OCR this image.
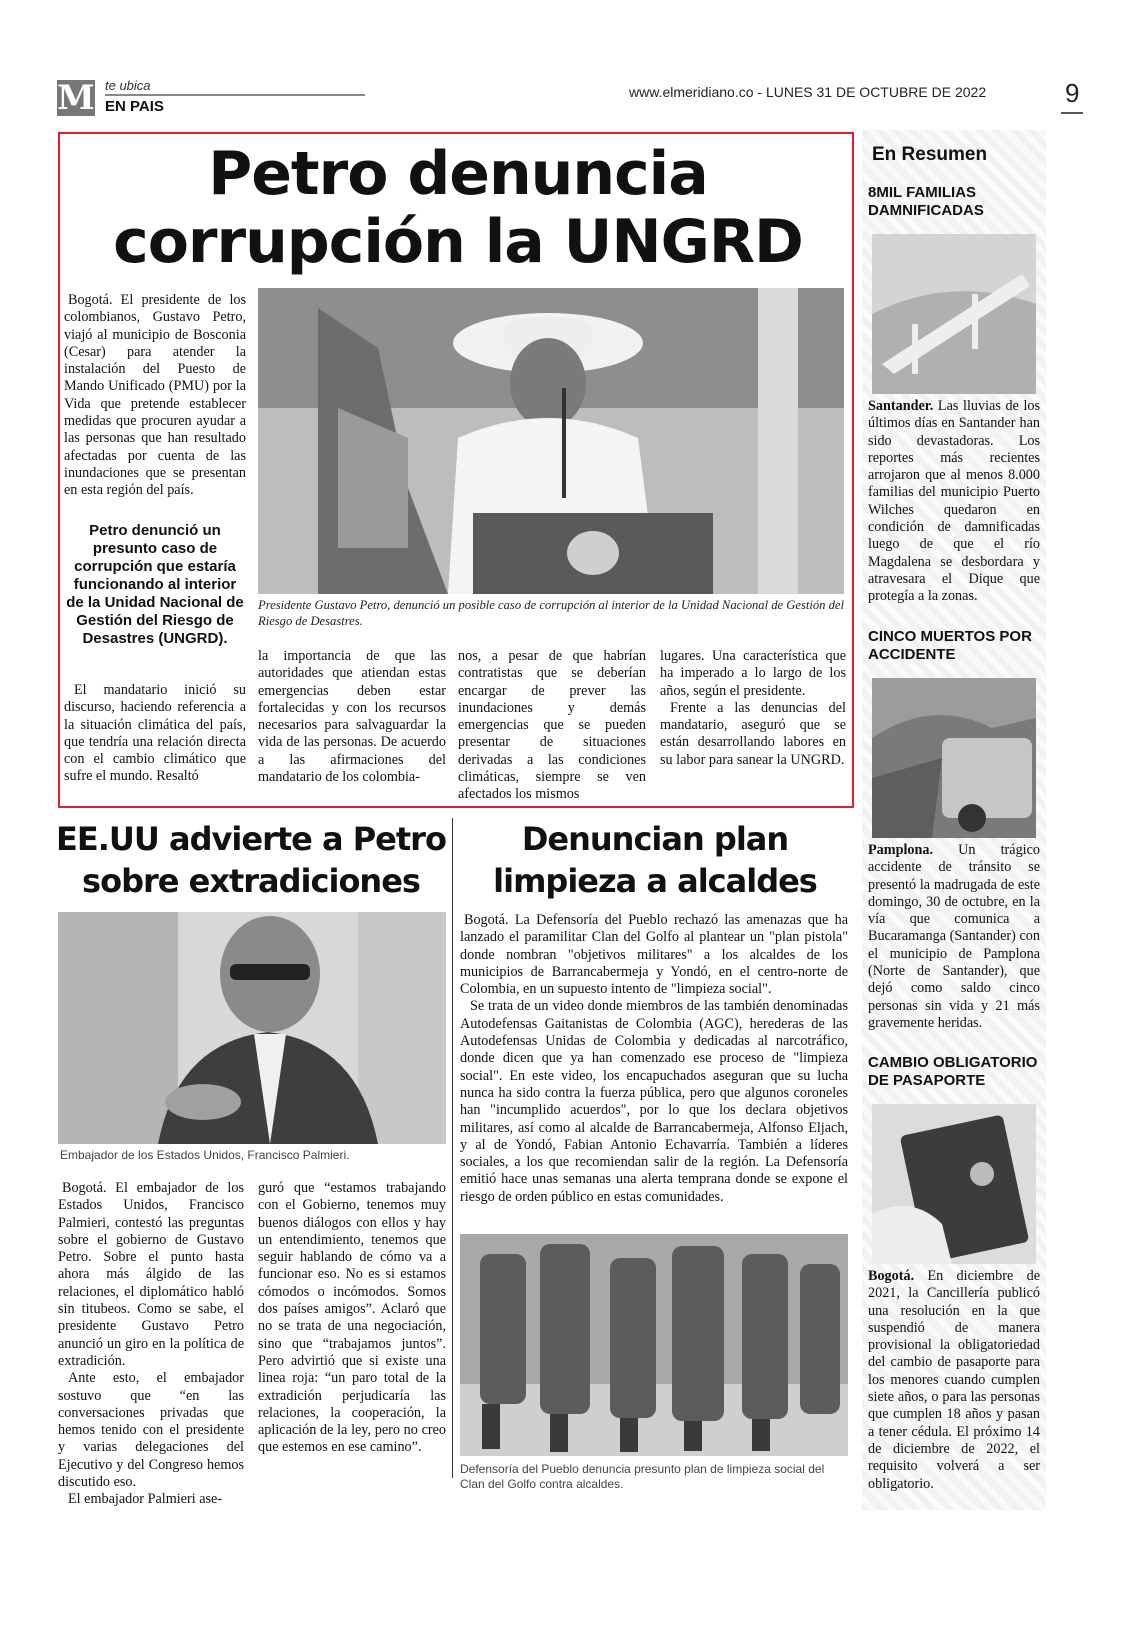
M te ubica
EN PAIS
www.elmeridiano.co - LUNES 31 DE OCTUBRE DE 2022	9
Petro denuncia
corrupción la UNGRD

Bogotá. El presidente de los colombianos, Gustavo Petro, viajó al municipio de Bosconia (Cesar) para atender la instalación del Puesto de Mando Unificado (PMU) por la Vida que pretende establecer medidas que procuren ayudar a las personas que han resultado afectadas por cuenta de las inundaciones que se presentan en esta región del país.

Petro denunció un presunto caso de corrupción que estaría funcionando al interior de la Unidad Nacional de Gestión del Riesgo de Desastres (UNGRD).

El mandatario inició su discurso, haciendo referencia a la situación climática del país, que tendría una relación directa con el cambio climático que sufre el mundo. Resaltó

Presidente Gustavo Petro, denunció un posible caso de corrupción al interior de la Unidad Nacional de Gestión del Riesgo de Desastres.

la importancia de que las autoridades que atiendan estas emergencias deben estar fortalecidas y con los recursos necesarios para salvaguardar la vida de las personas. De acuerdo a las afirmaciones del mandatario de los colombia-

nos, a pesar de que habrían contratistas que se deberían encargar de prever las inundaciones y demás emergencias que se pueden presentar de situaciones derivadas a las condiciones climáticas, siempre se ven afectados los mismos

lugares. Una característica que ha imperado a lo largo de los años, según el presidente.

Frente a las denuncias del mandatario, aseguró que se están desarrollando labores en su labor para sanear la UNGRD.

EE.UU advierte a Petro
sobre extradiciones
Embajador de los Estados Unidos, Francisco Palmieri.

Bogotá. El embajador de los Estados Unidos, Francisco Palmieri, contestó las preguntas sobre el gobierno de Gustavo Petro. Sobre el punto hasta ahora más álgido de las relaciones, el diplomático habló sin titubeos. Como se sabe, el presidente Gustavo Petro anunció un giro en la política de extradición.

Ante esto, el embajador sostuvo que “en las conversaciones privadas que hemos tenido con el presidente y varias delegaciones del Ejecutivo y del Congreso hemos discutido eso.

El embajador Palmieri ase-

guró que “estamos trabajando con el Gobierno, tenemos muy buenos diálogos con ellos y hay un entendimiento, tenemos que seguir hablando de cómo va a funcionar eso. No es si estamos cómodos o incómodos. Somos dos países amigos”. Aclaró que no se trata de una negociación, sino que “trabajamos juntos”. Pero advirtió que si existe una linea roja: “un paro total de la extradición perjudicaría las relaciones, la cooperación, la aplicación de la ley, pero no creo que estemos en ese camino”.

Denuncian plan
limpieza a alcaldes

Bogotá. La Defensoría del Pueblo rechazó las amenazas que ha lanzado el paramilitar Clan del Golfo al plantear un "plan pistola" donde nombran "objetivos militares" a los alcaldes de los municipios de Barrancabermeja y Yondó, en el centro-norte de Colombia, en un supuesto intento de "limpieza social".

Se trata de un video donde miembros de las también denominadas Autodefensas Gaitanistas de Colombia (AGC), herederas de las Autodefensas Unidas de Colombia y dedicadas al narcotráfico, donde dicen que ya han comenzado ese proceso de "limpieza social". En este video, los encapuchados aseguran que su lucha nunca ha sido contra la fuerza pública, pero que algunos coroneles han "incumplido acuerdos", por lo que los declara objetivos militares, así como al alcalde de Barrancabermeja, Alfonso Eljach, y al de Yondó, Fabian Antonio Echavarría. También a líderes sociales, a los que recomiendan salir de la región. La Defensoría emitió hace unas semanas una alerta temprana donde se expone el riesgo de orden público en estas comunidades.

Defensoría del Pueblo denuncia presunto plan de limpieza social del Clan del Golfo contra alcaldes.
En Resumen
8MIL FAMILIAS DAMNIFICADAS
Santander. Las lluvias de los últimos días en Santander han sido devastadoras. Los reportes más recientes arrojaron que al menos 8.000 familias del municipio Puerto Wilches quedaron en condición de damnificadas luego de que el río Magdalena se desbordara y atravesara el Dique que protegía a la zonas.
CINCO MUERTOS POR ACCIDENTE
Pamplona. Un trágico accidente de tránsito se presentó la madrugada de este domingo, 30 de octubre, en la vía que comunica a Bucaramanga (Santander) con el municipio de Pamplona (Norte de Santander), que dejó como saldo cinco personas sin vida y 21 más gravemente heridas.
CAMBIO OBLIGATORIO DE PASAPORTE
Bogotá. En diciembre de 2021, la Cancillería publicó una resolución en la que suspendió de manera provisional la obligatoriedad del cambio de pasaporte para los menores cuando cumplen siete años, o para las personas que cumplen 18 años y pasan a tener cédula. El próximo 14 de diciembre de 2022, el requisito volverá a ser obligatorio.
